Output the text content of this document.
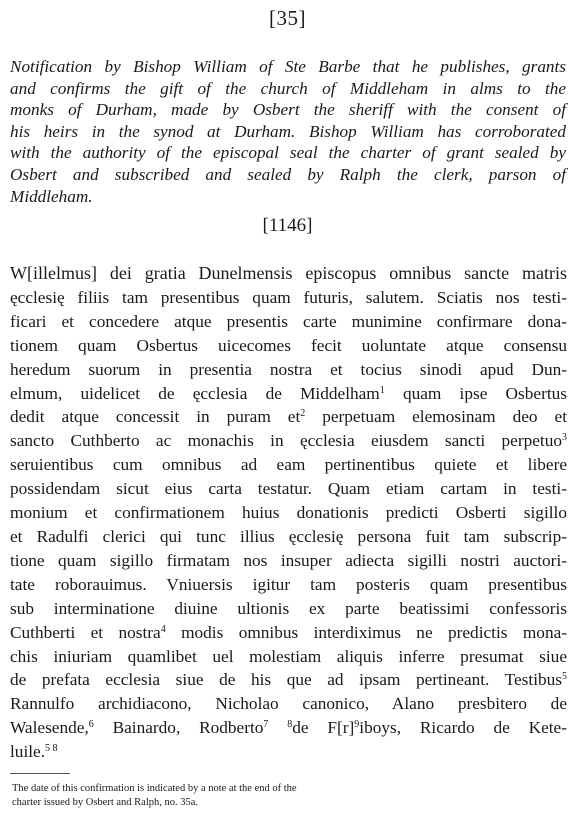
[35]

Notification by Bishop William of Ste Barbe that he publishes, grants
and confirms the gift of the church of Middleham in alms to the
monks of Durham, made by Osbert the sheriff with the consent of
his heirs in the synod at Durham. Bishop William has corroborated
with the authority of the episcopal seal the charter of grant sealed by
Osbert and subscribed and sealed by Ralph the clerk, parson of
Middleham.

[1146]

W[illelmus] dei gratia Dunelmensis episcopus omnibus sancte matris
ęcclesię filiis tam presentibus quam futuris, salutem. Sciatis nos testi-
ficari et concedere atque presentis carte munimine confirmare dona-
tionem quam Osbertus uicecomes fecit uoluntate atque consensu
heredum suorum in presentia nostra et tocius sinodi apud Dun-
elmum, uidelicet de ęcclesia de Middelham$^1$ quam ipse Osbertus
dedit atque concessit in puram $et^2$ perpetuam elemosinam deo et
sancto Cuthberto ac monachis in ęcclesia eiusdem sancti perpetuo$^3$
seruientibus cum omnibus ad eam pertinentibus quiete et libere
possidendam sicut eius carta testatur. Quam etiam cartam in testi-
monium et confirmationem huius donationis predicti Osberti sigillo
et Radulfi clerici qui tunc illius ęcclesię persona fuit tam subscrip-
tione quam sigillo firmatam nos insuper adiecta sigilli nostri auctori-
tate roborauimus. Vniuersis igitur tam posteris quam presentibus
sub interminatione diuine ultionis ex parte beatissimi confessoris
Cuthberti et nostra$^4$ modis omnibus interdiximus ne predictis mona-
chis iniuriam quamlibet uel molestiam aliquis inferre presumat siue
de prefata ecclesia siue de his que ad ipsam pertineant. Testibus$^5$
Rannulfo archidiacono, Nicholao canonico, Alano presbitero de
Walesende,$^6$ Bainardo, Rodberto$^7$ $^8$de $F[r]^9iboys$, Ricardo de Kete-
luile.$^{5 8}$

The date of this confirmation is indicated by a note at the end of the
charter issued by Osbert and Ralph, no. 35a.
